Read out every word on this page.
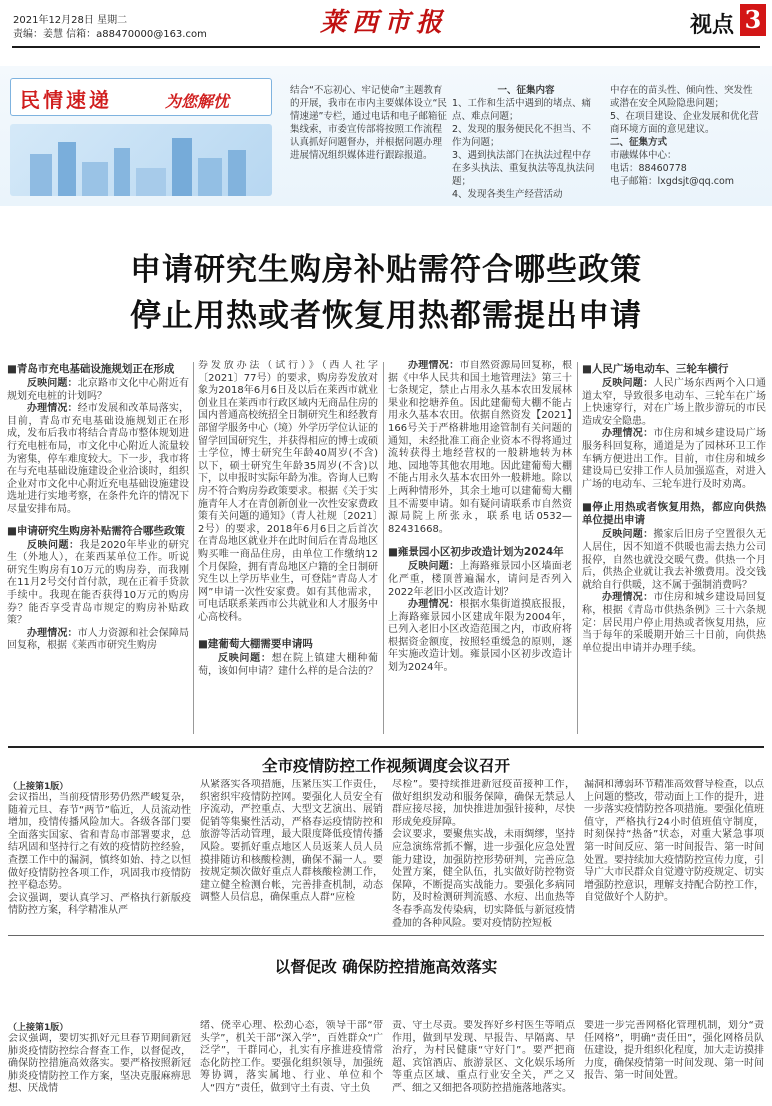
2021年12月28日 星期二
责编：姜慧 信箱：a88470000@163.com	莱西市报	视点 3
民情速递	为您解忧
结合“不忘初心、牢记使命”主题教育的开展，我市在市内主要媒体设立“民情速递”专栏，通过电话和电子邮箱征集线索，市委宣传部将按照工作流程认真抓好问题督办，并根据问题办理进展情况组织媒体进行跟踪报道。
一、征集内容
1、工作和生活中遇到的堵点、痛点、难点问题；
2、发现的服务便民化不担当、不作为问题；
3、遇到执法部门在执法过程中存在多头执法、重复执法等乱执法问题；
4、发现各类生产经营活动
中存在的苗头性、倾向性、突发性或潜在安全风险隐患问题；
5、在项目建设、企业发展和优化营商环境方面的意见建议。
二、征集方式
市融媒体中心：
电话：88460778
电子邮箱：lxgdsjt@qq.com
申请研究生购房补贴需符合哪些政策
停止用热或者恢复用热都需提出申请
■青岛市充电基础设施规划正在形成

反映问题：北京路市文化中心附近有规划充电桩的计划吗？

办理情况：经市发展和改革局落实，目前，青岛市充电基础设施规划正在形成，发布后我市将结合青岛市整体规划进行充电桩布局，市文化中心附近人流量较为密集，停车难度较大。下一步，我市将在与充电基础设施建设企业洽谈时，组织企业对市文化中心附近充电基础设施建设选址进行实地考察，在条件允许的情况下尽量安排布局。

■申请研究生购房补贴需符合哪些政策

反映问题：我是2020年毕业的研究生（外地人），在莱西某单位工作。听说研究生购房有10万元的购房券，而我刚在11月2号交付首付款，现在正着手贷款手续中。我现在能否获得10万元的购房券？能否享受青岛市规定的购房补贴政策？

办理情况：市人力资源和社会保障局回复称，根据《莱西市研究生购房

券发放办法（试行）》（西人社字〔2021〕77号）的要求，购房券发放对象为2018年6月6日及以后在莱西市就业创业且在莱西市行政区域内无商品住房的国内普通高校统招全日制研究生和经教育部留学服务中心（境）外学历学位认证的留学回国研究生，并获得相应的博士或硕士学位，博士研究生年龄40周岁(不含)以下，硕士研究生年龄35周岁(不含)以下，以申报时实际年龄为准。咨询人已购房不符合购房券政策要求。根据《关于实施青年人才在青创新创业一次性安家费政策有关问题的通知》（青人社规〔2021〕2号）的要求，2018年6月6日之后首次在青岛地区就业并在此时间后在青岛地区购买唯一商品住房，由单位工作缴纳12个月保险，拥有青岛地区户籍的全日制研究生以上学历毕业生，可登陆“青岛人才网”申请一次性安家费。如有其他需求，可电话联系莱西市公共就业和人才服务中心高校科。
■建葡萄大棚需要申请吗

反映问题：想在院上镇建大棚种葡萄，该如何申请？建什么样的是合法的？

办理情况：市自然资源局回复称，根据《中华人民共和国土地管理法》第三十七条规定，禁止占用永久基本农田发展林果业和挖塘养鱼。因此建葡萄大棚不能占用永久基本农田。依据自然资发【2021】166号关于严格耕地用途管制有关问题的通知，未经批准工商企业资本不得将通过流转获得土地经营权的一般耕地转为林地、园地等其他农用地。因此建葡萄大棚不能占用永久基本农田外一般耕地。除以上两种情形外，其余土地可以建葡萄大棚且不需要申请。如有疑问请联系市自然资源局院上所张永，联系电话0532—82431668。

■雍景园小区初步改造计划为2024年

反映问题：上海路雍景园小区墙面老化严重，楼顶普遍漏水，请问是否列入2022年老旧小区改造计划？

办理情况：根据水集街道摸底报报，上海路雍景园小区建成年限为2004年，已列入老旧小区改造范围之内，市政府将根据资金额度，按照轻重缓急的原则，逐年实施改造计划。雍景园小区初步改造计划为2024年。

■人民广场电动车、三轮车横行

反映问题：人民广场东西两个入口通道太窄，导致很多电动车、三轮车在广场上快速穿行，对在广场上散步游玩的市民造成安全隐患。

办理情况：市住房和城乡建设局广场服务科回复称，通道是为了园林环卫工作车辆方便进出工作。目前，市住房和城乡建设局已安排工作人员加强巡查，对进入广场的电动车、三轮车进行及时劝离。

■停止用热或者恢复用热，都应向供热单位提出申请

反映问题：搬家后旧房子空置很久无人居住，因不知道不供暖也需去热力公司报停，自然也就没交暖气费。供热一个月后，供热企业就让我去补缴费用。没交钱就给自行供暖，这不属于强制消费吗？

办理情况：市住房和城乡建设局回复称，根据《青岛市供热条例》三十六条规定：居民用户停止用热或者恢复用热，应当于每年的采暖期开始三十日前，向供热单位提出申请并办理手续。

全市疫情防控工作视频调度会议召开
（上接第1版）
会议指出，当前疫情形势仍然严峻复杂，随着元旦、春节“两节”临近，人员流动性增加，疫情传播风险加大。各级各部门要全面落实国家、省和青岛市部署要求，总结巩固和坚持行之有效的疫情防控经验，查摆工作中的漏洞，慎终如始、持之以恒做好疫情防控各项工作，巩固我市疫情防控平稳态势。
会议强调，要认真学习、严格执行新版疫情防控方案，科学精准从严
从紧落实各项措施，压紧压实工作责任，织密织牢疫情防控网。要强化人员安全有序流动，严控重点、大型文艺演出、展销促销等集聚性活动，严格春运疫情防控和旅游等活动管理，最大限度降低疫情传播风险。要抓好重点地区人员返莱人员人员摸排随访和核酸检测，确保不漏一人。要按规定频次做好重点人群核酸检测工作，建立健全检测台帐，完善排查机制，动态调整人员信息，确保重点人群“应检
尽检”。要持续推进新冠疫苗接种工作，做好组织发动和服务保障，确保无禁忌人群应接尽接，加快推进加强针接种，尽快形成免疫屏障。
会议要求，要聚焦实战，未雨绸缪，坚持应急演练常抓不懈，进一步强化应急处置能力建设，加强防控形势研判，完善应急处置方案，健全队伍，扎实做好防控物资保障，不断提高实战能力。要强化多病同防，及时检测研判流感、水痘、出血热等冬春季高发传染病，切实降低与新冠疫情叠加的各种风险。要对疫情防控短板
漏洞和薄弱环节精准高效督导检查，以点上问题的整改，带动面上工作的提升，进一步落实疫情防控各项措施。要强化值班值守，严格执行24小时值班值守制度，时刻保持“热备”状态，对重大紧急事项第一时间反应、第一时间报告、第一时间处置。要持续加大疫情防控宣传力度，引导广大市民群众自觉遵守防疫规定、切实增强防控意识，理解支持配合防控工作，自觉做好个人防护。
以督促改 确保防控措施高效落实
（上接第1版）
会议强调，要切实抓好元旦春节期间新冠肺炎疫情防控综合督查工作，以督促改，确保防控措施高效落实。要严格按照新冠肺炎疫情防控工作方案，坚决克服麻痹思想、厌战情
绪、侥幸心理、松劲心态，领导干部“带头学”，机关干部“深入学”，百姓群众“广泛学”，干群同心，扎实有序推进疫情常态化防控工作。要强化组织领导，加强统筹协调，落实属地、行业、单位和个人“四方”责任，做到守土有责、守土负
责、守土尽责。要发挥好乡村医生等哨点作用，做到早发现、早报告、早隔离、早治疗，为村民健康“守好门”。要严把商超、宾馆酒店、旅游景区、文化娱乐场所等重点区域、重点行业安全关，严之又严、细之又细把各项防控措施落地落实。
要进一步完善网格化管理机制，划分“责任网格”，明确“责任田”，强化网格员队伍建设，提升组织化程度，加大走访摸排力度，确保疫情第一时间发现、第一时间报告、第一时间处置。
